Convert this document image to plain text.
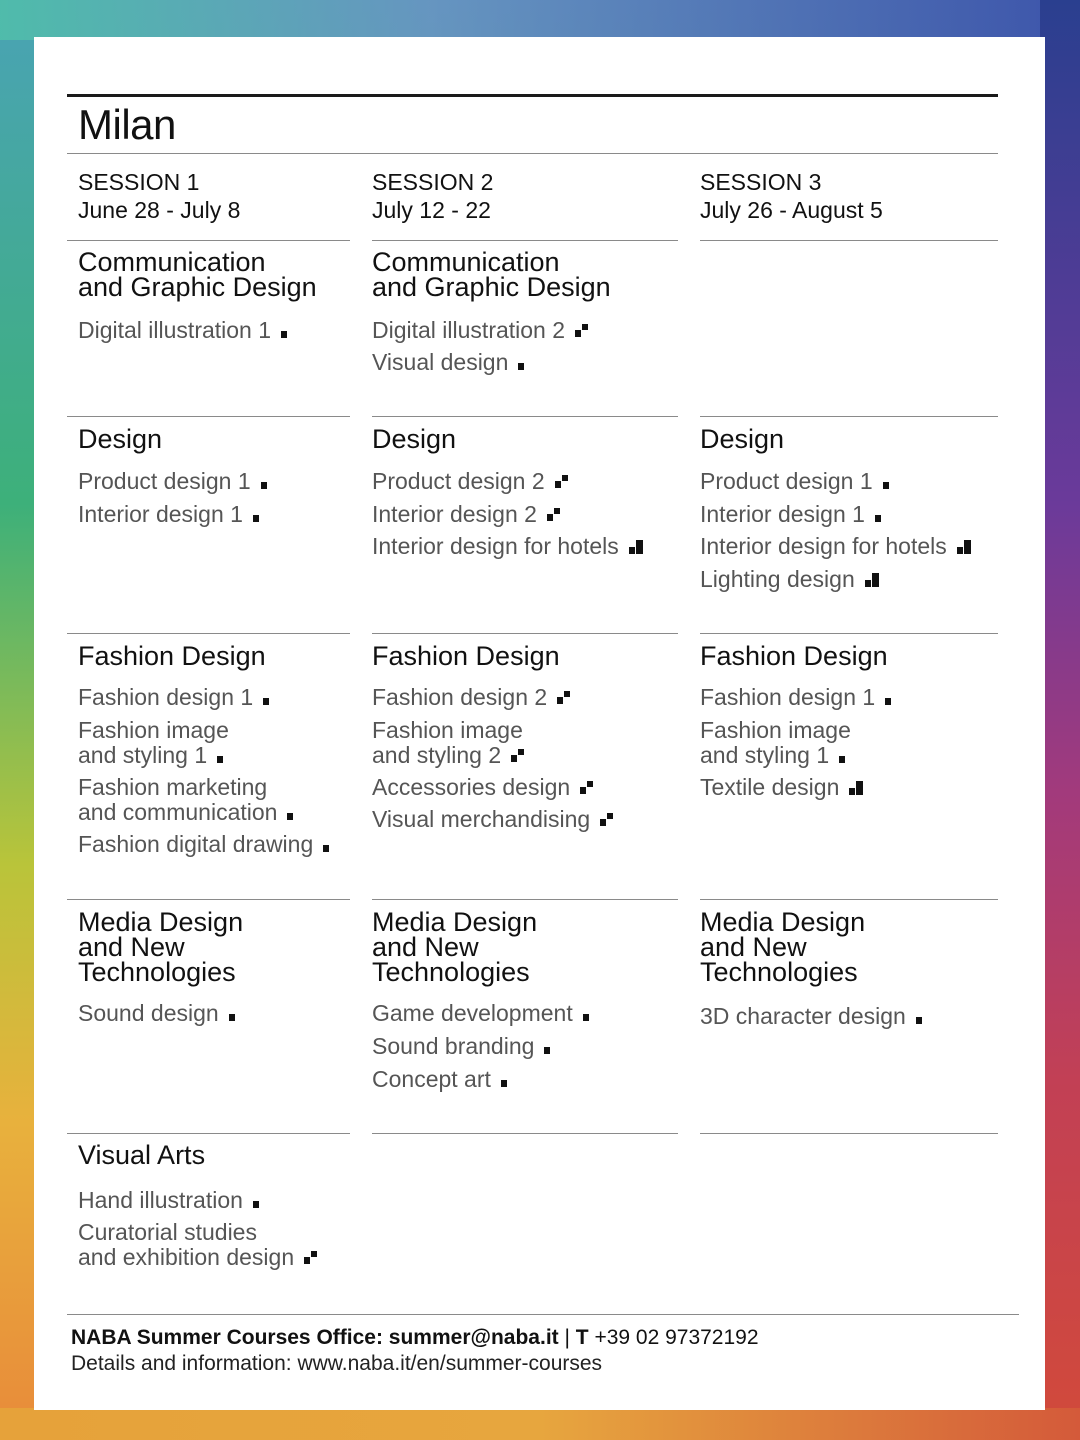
Milan
SESSION 1
June 28 - July 8
SESSION 2
July 12 - 22
SESSION 3
July 26 - August 5
Communication
and Graphic Design
Digital illustration 1
Communication
and Graphic Design
Digital illustration 2
Visual design
Design
Product design 1
Interior design 1
Design
Product design 2
Interior design 2
Interior design for hotels
Design
Product design 1
Interior design 1
Interior design for hotels
Lighting design
Fashion Design
Fashion design 1
Fashion image
and styling 1
Fashion marketing
and communication
Fashion digital drawing
Fashion Design
Fashion design 2
Fashion image
and styling 2
Accessories design
Visual merchandising
Fashion Design
Fashion design 1
Fashion image
and styling 1
Textile design
Media Design
and New
Technologies
Sound design
Media Design
and New
Technologies
Game development
Sound branding
Concept art
Media Design
and New
Technologies
3D character design
Visual Arts
Hand illustration
Curatorial studies
and exhibition design
NABA Summer Courses Office: summer@naba.it | T +39 02 97372192
Details and information: www.naba.it/en/summer-courses
